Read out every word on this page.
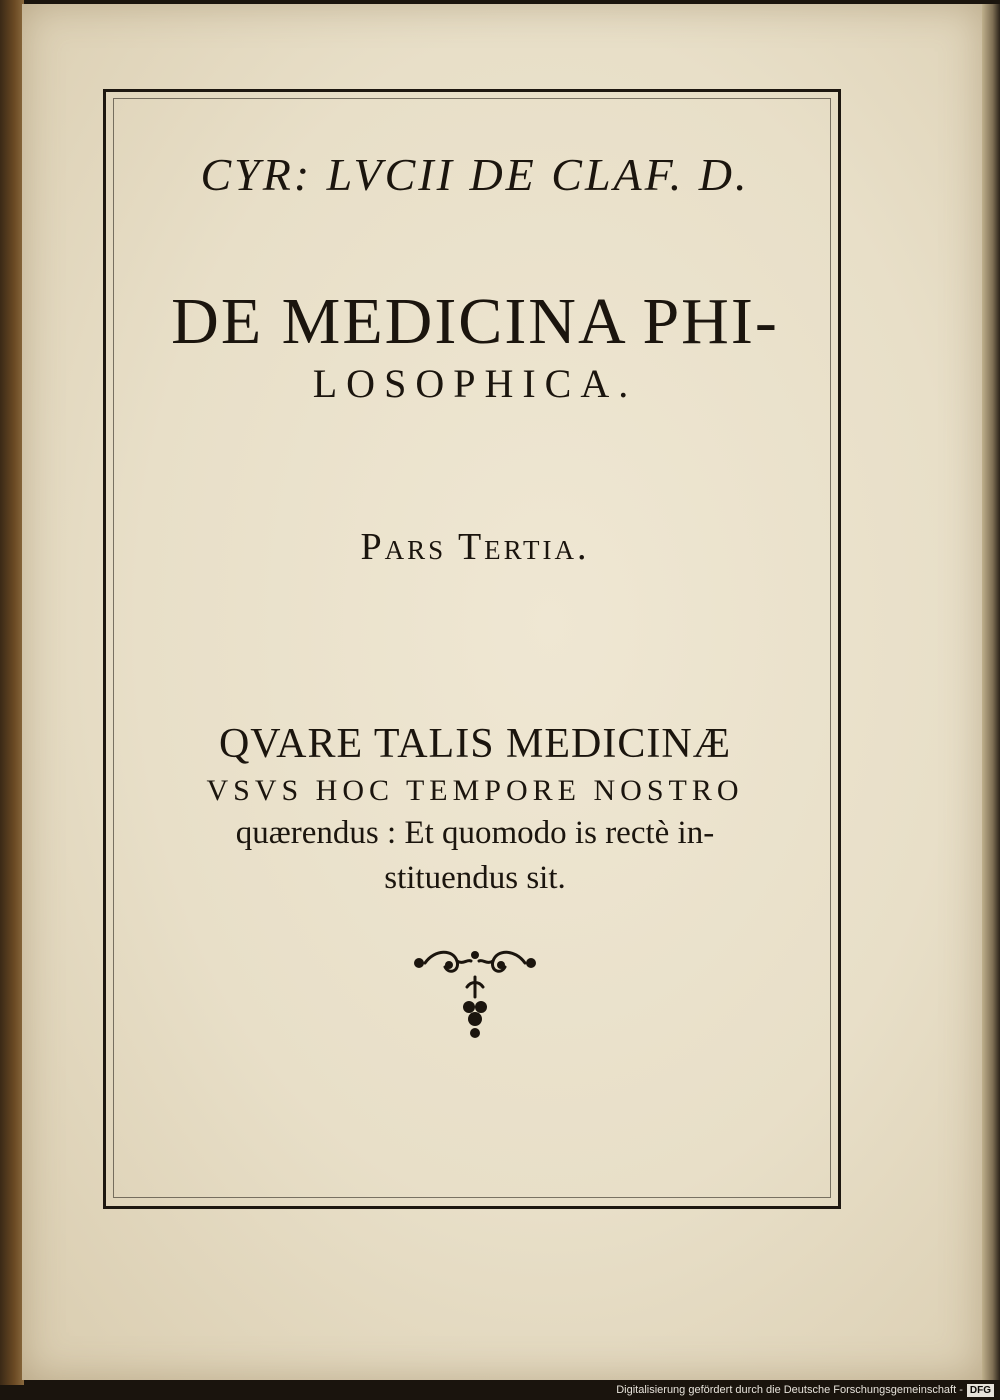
CYR: LVCII DE CLAF. D.
DE MEDICINA PHI-
LOSOPHICA.
Pars Tertia.
QVARE TALIS MEDICINÆ
VSVS HOC TEMPORE NOSTRO
quærendus : Et quomodo is rectè in-
stituendus sit.
Digitalisierung gefördert durch die Deutsche Forschungsgemeinschaft - DFG
